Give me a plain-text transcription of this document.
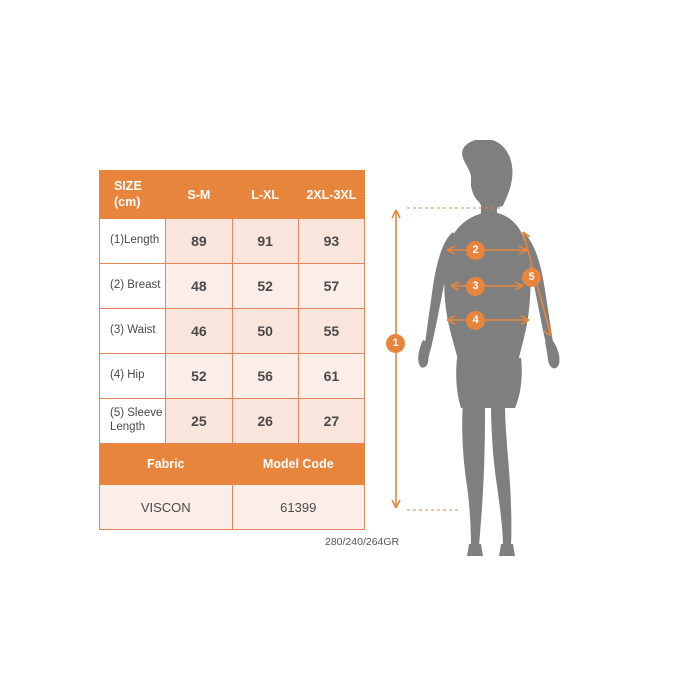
SIZE
(cm)	S-M	L-XL	2XL-3XL
(1)Length	89	91	93
(2) Breast	48	52	57
(3) Waist	46	50	55
(4) Hip	52	56	61
(5) Sleeve Length	25	26	27
Fabric		Model Code	
VISCON		61399	
1
2
3
4
5
280/240/264GR
